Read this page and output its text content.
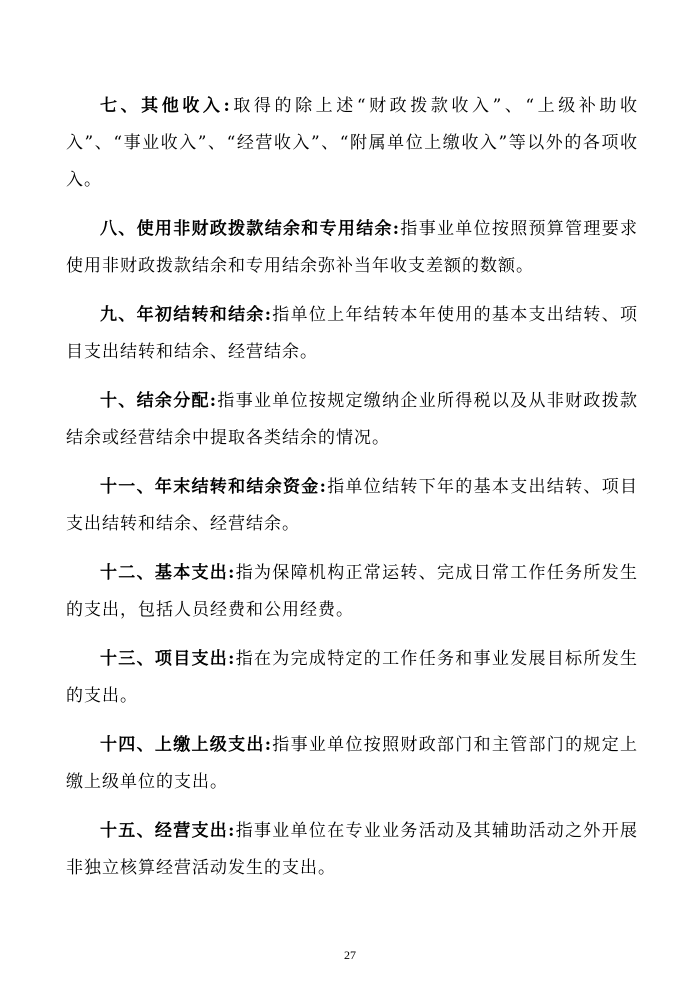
七、其他收入:取得的除上述“财政拨款收入”、“上级补助收入”、“事业收入”、“经营收入”、“附属单位上缴收入”等以外的各项收入。

八、使用非财政拨款结余和专用结余:指事业单位按照预算管理要求使用非财政拨款结余和专用结余弥补当年收支差额的数额。

九、年初结转和结余:指单位上年结转本年使用的基本支出结转、项目支出结转和结余、经营结余。

十、结余分配:指事业单位按规定缴纳企业所得税以及从非财政拨款结余或经营结余中提取各类结余的情况。

十一、年末结转和结余资金:指单位结转下年的基本支出结转、项目支出结转和结余、经营结余。

十二、基本支出:指为保障机构正常运转、完成日常工作任务所发生的支出，包括人员经费和公用经费。

十三、项目支出:指在为完成特定的工作任务和事业发展目标所发生的支出。

十四、上缴上级支出:指事业单位按照财政部门和主管部门的规定上缴上级单位的支出。

十五、经营支出:指事业单位在专业业务活动及其辅助活动之外开展非独立核算经营活动发生的支出。

27
